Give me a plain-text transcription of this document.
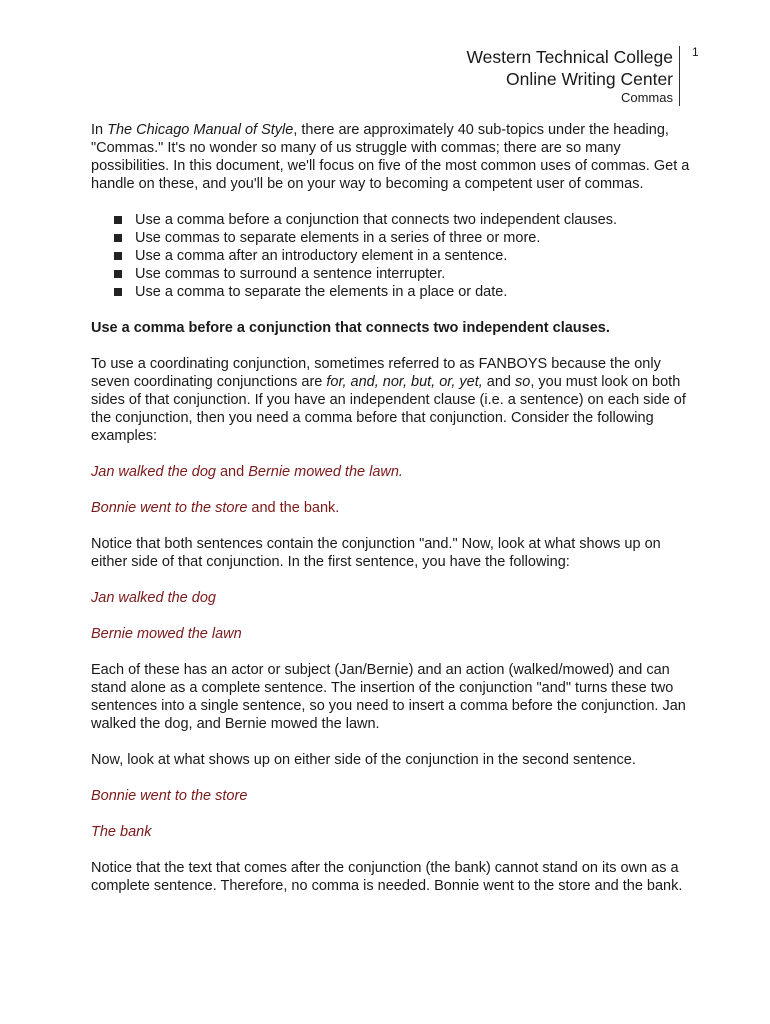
Western Technical College
Online Writing Center
Commas
1

In The Chicago Manual of Style, there are approximately 40 sub-topics under the heading, "Commas." It's no wonder so many of us struggle with commas; there are so many possibilities. In this document, we'll focus on five of the most common uses of commas. Get a handle on these, and you'll be on your way to becoming a competent user of commas.

Use a comma before a conjunction that connects two independent clauses.
Use commas to separate elements in a series of three or more.
Use a comma after an introductory element in a sentence.
Use commas to surround a sentence interrupter.
Use a comma to separate the elements in a place or date.

Use a comma before a conjunction that connects two independent clauses.

To use a coordinating conjunction, sometimes referred to as FANBOYS because the only seven coordinating conjunctions are for, and, nor, but, or, yet, and so, you must look on both sides of that conjunction. If you have an independent clause (i.e. a sentence) on each side of the conjunction, then you need a comma before that conjunction. Consider the following examples:

Jan walked the dog and Bernie mowed the lawn.

Bonnie went to the store and the bank.

Notice that both sentences contain the conjunction "and." Now, look at what shows up on either side of that conjunction. In the first sentence, you have the following:

Jan walked the dog

Bernie mowed the lawn

Each of these has an actor or subject (Jan/Bernie) and an action (walked/mowed) and can stand alone as a complete sentence. The insertion of the conjunction "and" turns these two sentences into a single sentence, so you need to insert a comma before the conjunction. Jan walked the dog, and Bernie mowed the lawn.

Now, look at what shows up on either side of the conjunction in the second sentence.

Bonnie went to the store

The bank

Notice that the text that comes after the conjunction (the bank) cannot stand on its own as a complete sentence. Therefore, no comma is needed. Bonnie went to the store and the bank.
